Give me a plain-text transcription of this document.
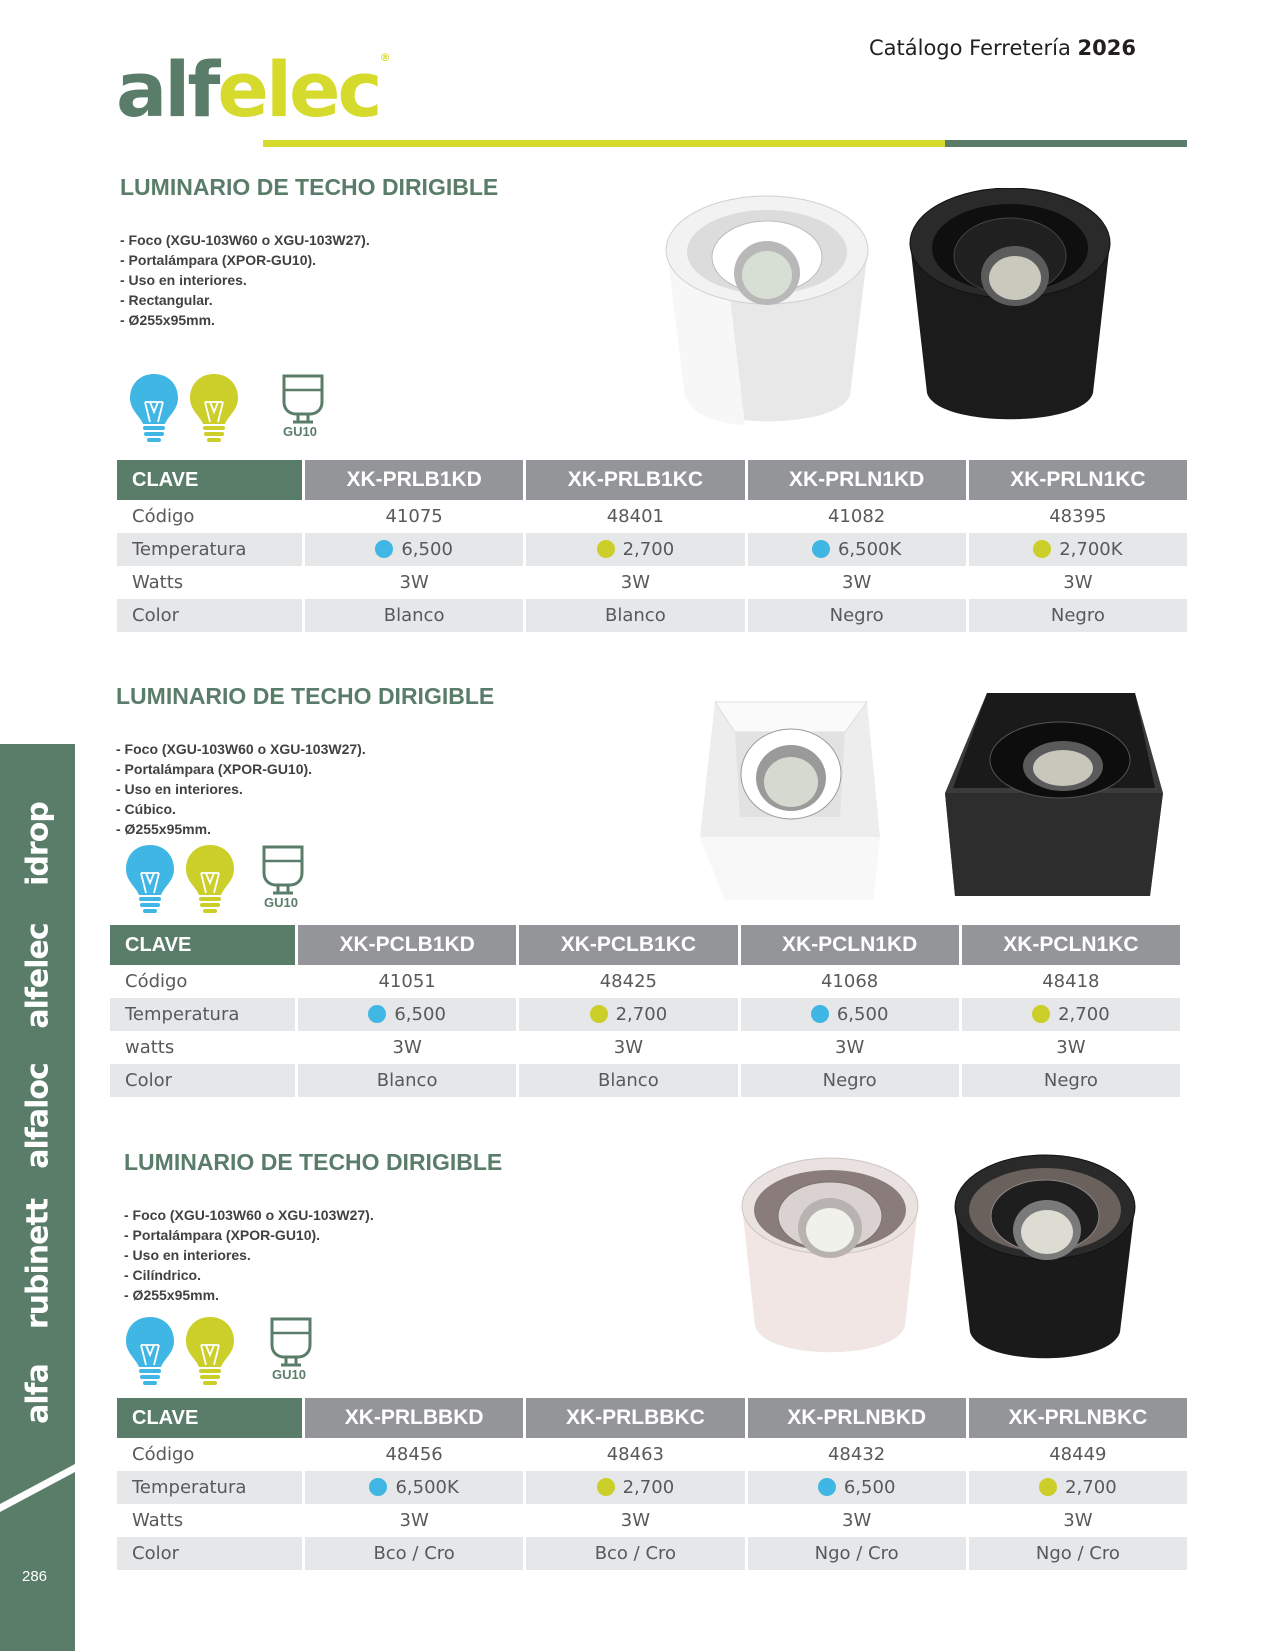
Catálogo Ferretería 2026
alfelec®
idrop
alfelec
alfaloc
rubinett
alfa
286
LUMINARIO DE TECHO DIRIGIBLE
- Foco (XGU-103W60 o XGU-103W27).
- Portalámpara (XPOR-GU10).
- Uso en interiores.
- Rectangular.
- Ø255x95mm.
GU10
CLAVE	XK-PRLB1KD	XK-PRLB1KC	XK-PRLN1KD	XK-PRLN1KC
Código	41075	48401	41082	48395
Temperatura	6,500	2,700	6,500K	2,700K
Watts	3W	3W	3W	3W
Color	Blanco	Blanco	Negro	Negro
LUMINARIO DE TECHO DIRIGIBLE
- Foco (XGU-103W60 o XGU-103W27).
- Portalámpara (XPOR-GU10).
- Uso en interiores.
- Cúbico.
- Ø255x95mm.
GU10
CLAVE	XK-PCLB1KD	XK-PCLB1KC	XK-PCLN1KD	XK-PCLN1KC
Código	41051	48425	41068	48418
Temperatura	6,500	2,700	6,500	2,700
watts	3W	3W	3W	3W
Color	Blanco	Blanco	Negro	Negro
LUMINARIO DE TECHO DIRIGIBLE
- Foco (XGU-103W60 o XGU-103W27).
- Portalámpara (XPOR-GU10).
- Uso en interiores.
- Cilíndrico.
- Ø255x95mm.
GU10
CLAVE	XK-PRLBBKD	XK-PRLBBKC	XK-PRLNBKD	XK-PRLNBKC
Código	48456	48463	48432	48449
Temperatura	6,500K	2,700	6,500	2,700
Watts	3W	3W	3W	3W
Color	Bco / Cro	Bco / Cro	Ngo / Cro	Ngo / Cro
